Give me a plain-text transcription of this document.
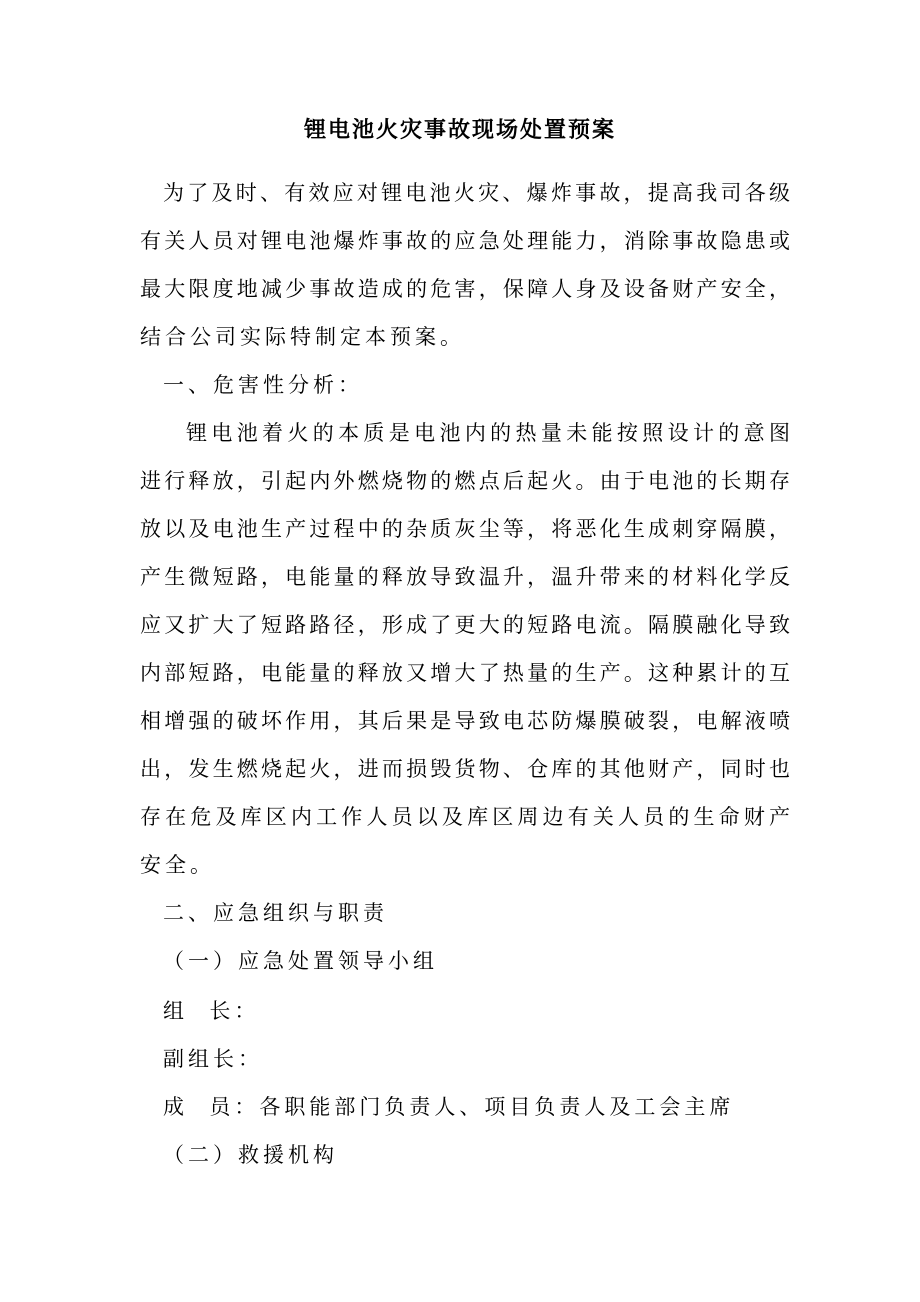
锂电池火灾事故现场处置预案
为了及时、有效应对锂电池火灾、爆炸事故，提高我司各级
有关人员对锂电池爆炸事故的应急处理能力，消除事故隐患或
最大限度地减少事故造成的危害，保障人身及设备财产安全，
结合公司实际特制定本预案。
一、危害性分析：
锂电池着火的本质是电池内的热量未能按照设计的意图
进行释放，引起内外燃烧物的燃点后起火。由于电池的长期存
放以及电池生产过程中的杂质灰尘等，将恶化生成刺穿隔膜，
产生微短路，电能量的释放导致温升，温升带来的材料化学反
应又扩大了短路路径，形成了更大的短路电流。隔膜融化导致
内部短路，电能量的释放又增大了热量的生产。这种累计的互
相增强的破坏作用，其后果是导致电芯防爆膜破裂，电解液喷
出，发生燃烧起火，进而损毁货物、仓库的其他财产，同时也
存在危及库区内工作人员以及库区周边有关人员的生命财产
安全。
二、应急组织与职责
（一）应急处置领导小组
组  长：
副组长：
成  员：各职能部门负责人、项目负责人及工会主席
（二）救援机构
